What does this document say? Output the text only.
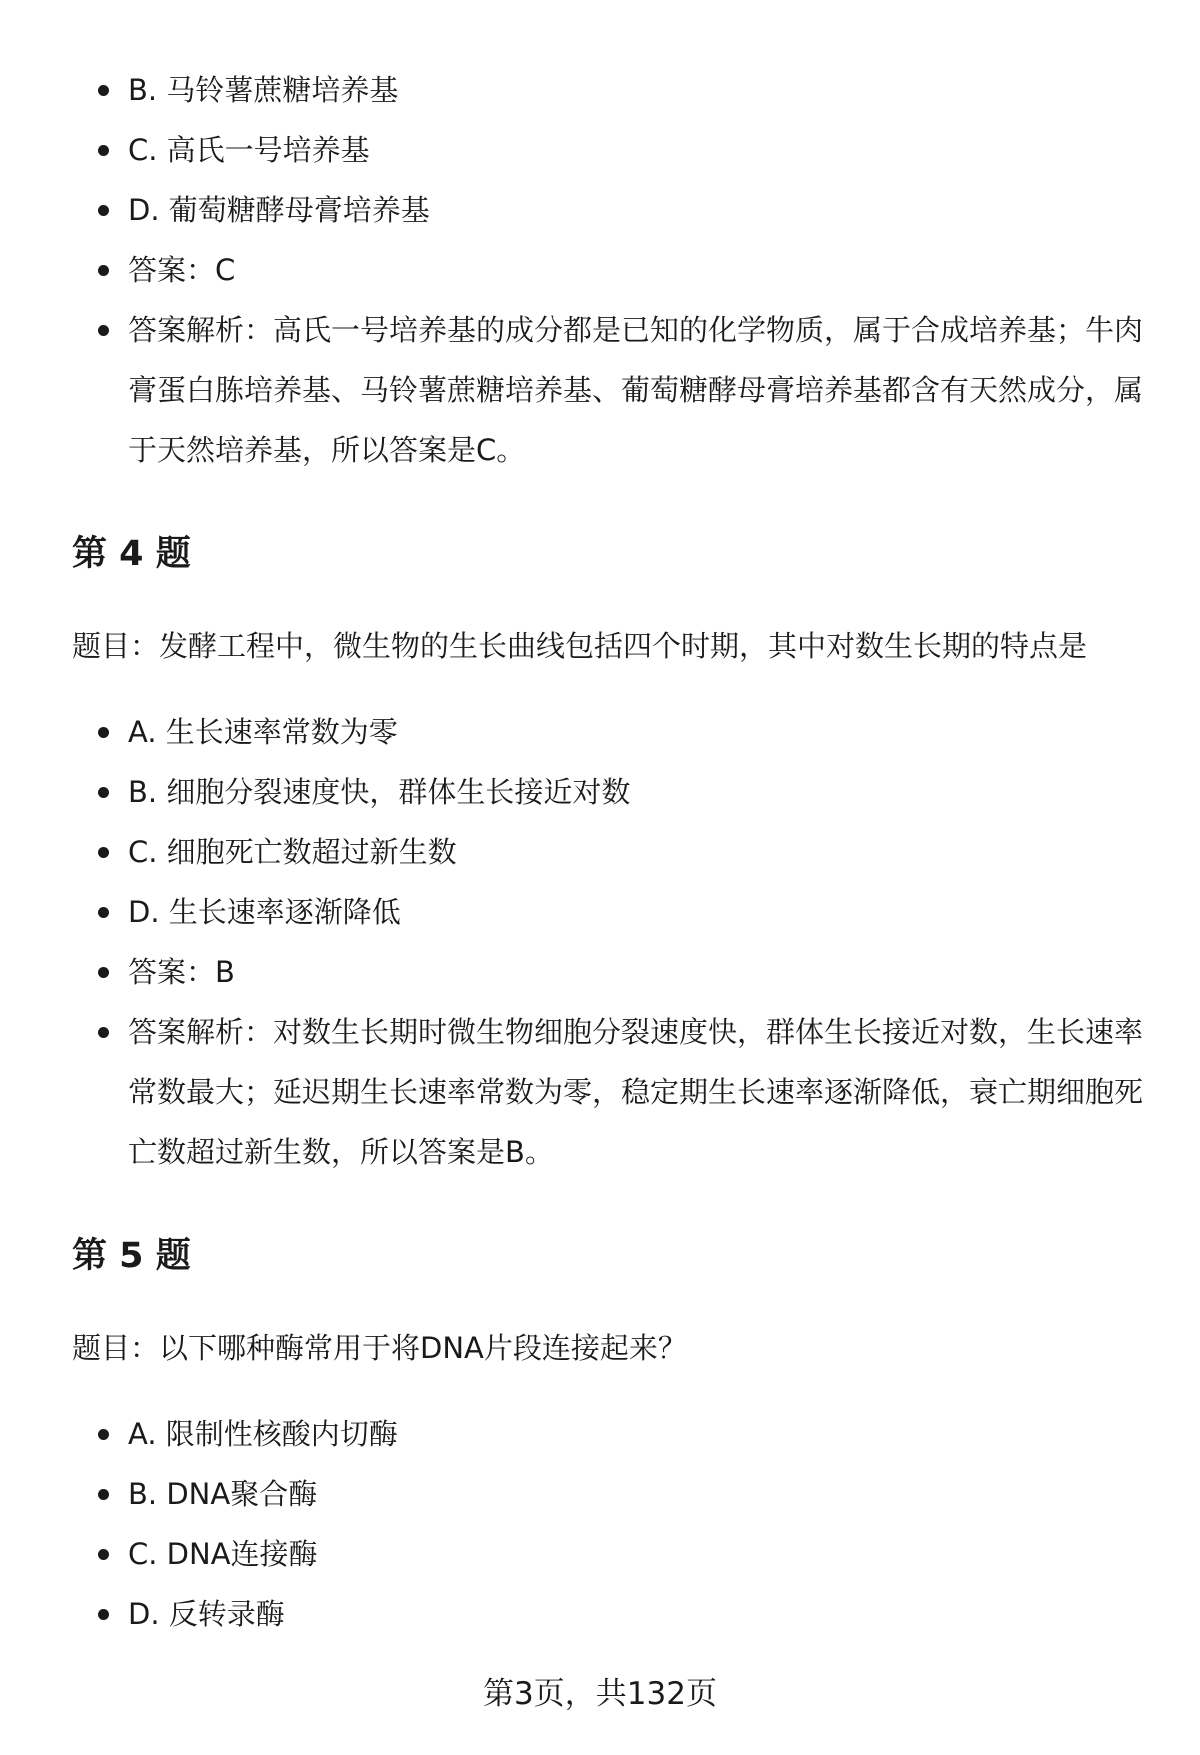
B. 马铃薯蔗糖培养基
C. 高氏一号培养基
D. 葡萄糖酵母膏培养基
答案：C
答案解析：高氏一号培养基的成分都是已知的化学物质，属于合成培养基；牛肉膏蛋白胨培养基、马铃薯蔗糖培养基、葡萄糖酵母膏培养基都含有天然成分，属于天然培养基，所以答案是C。
第 4 题
题目：发酵工程中，微生物的生长曲线包括四个时期，其中对数生长期的特点是
A. 生长速率常数为零
B. 细胞分裂速度快，群体生长接近对数
C. 细胞死亡数超过新生数
D. 生长速率逐渐降低
答案：B
答案解析：对数生长期时微生物细胞分裂速度快，群体生长接近对数，生长速率常数最大；延迟期生长速率常数为零，稳定期生长速率逐渐降低，衰亡期细胞死亡数超过新生数，所以答案是B。
第 5 题
题目：以下哪种酶常用于将DNA片段连接起来？
A. 限制性核酸内切酶
B. DNA聚合酶
C. DNA连接酶
D. 反转录酶
第3页，共132页
